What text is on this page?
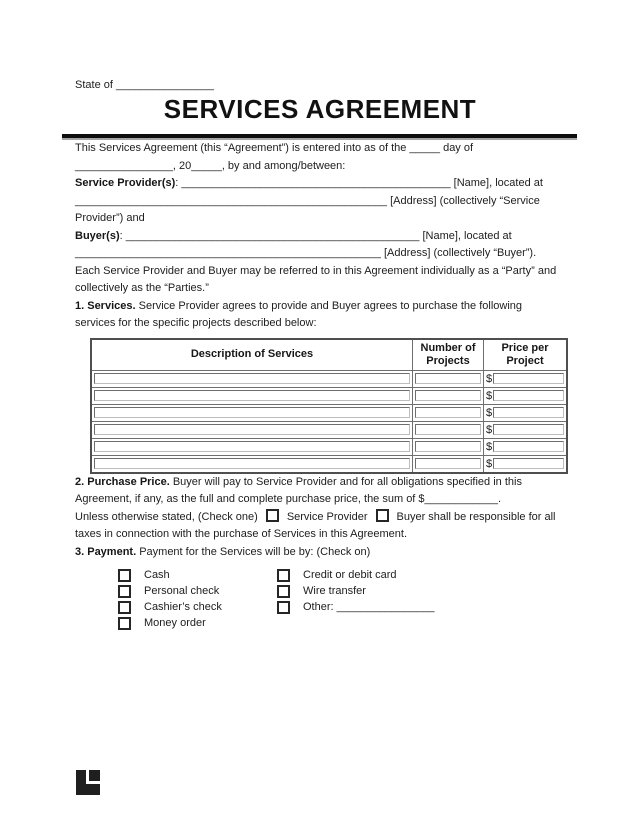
State of ________________
SERVICES AGREEMENT

This Services Agreement (this “Agreement”) is entered into as of the _____ day of ________________, 20_____, by and among/between:

Service Provider(s): ____________________________________________ [Name], located at ___________________________________________________ [Address] (collectively “Service Provider”) and

Buyer(s): ________________________________________________ [Name], located at __________________________________________________ [Address] (collectively “Buyer”).

Each Service Provider and Buyer may be referred to in this Agreement individually as a “Party” and collectively as the “Parties.”

1. Services. Service Provider agrees to provide and Buyer agrees to purchase the following services for the specific projects described below:

Description of Services	Number of Projects	Price per Project

		$

		$

		$

		$

		$

		$

2. Purchase Price. Buyer will pay to Service Provider and for all obligations specified in this Agreement, if any, as the full and complete purchase price, the sum of $____________.

Unless otherwise stated, (Check one)	Service Provider	Buyer shall be responsible for all taxes in connection with the purchase of Services in this Agreement.

3. Payment. Payment for the Services will be by: (Check on)

Cash
Personal check
Cashier’s check
Money order
Credit or debit card
Wire transfer
Other: ________________
